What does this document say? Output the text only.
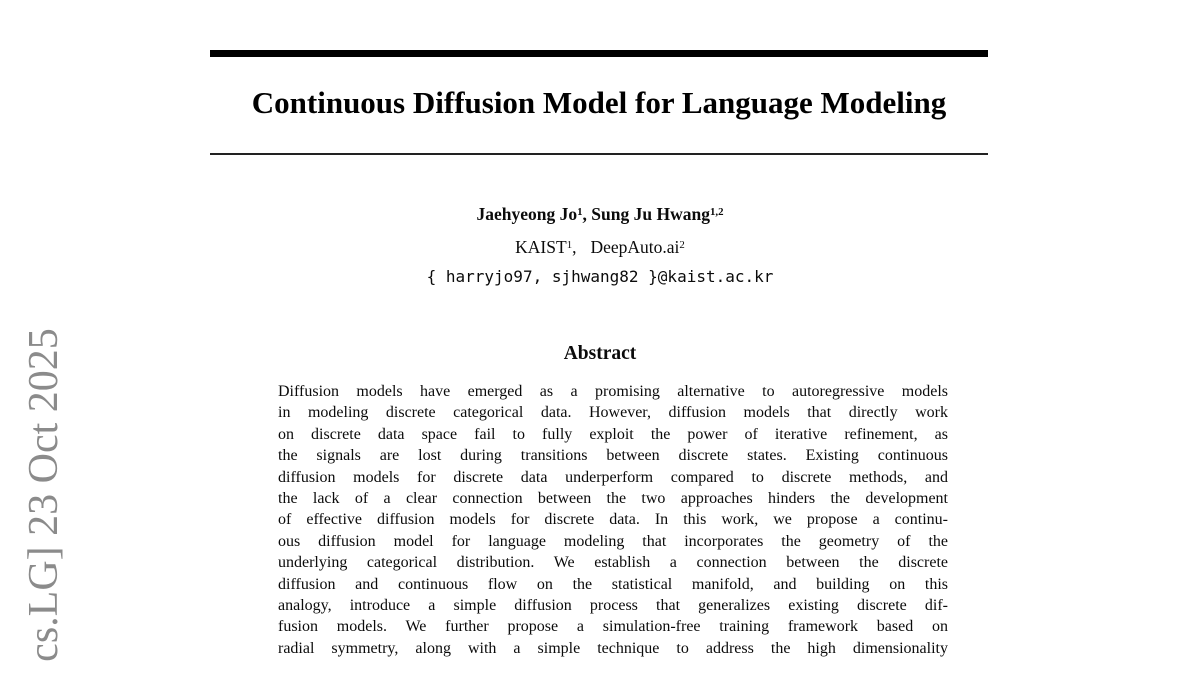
cs.LG] 23 Oct 2025
Continuous Diffusion Model for Language Modeling
Jaehyeong Jo$^1$, Sung Ju Hwang$^{1,2}$
KAIST$^1$, DeepAuto.ai$^2$
{ harryjo97, sjhwang82 }@kaist.ac.kr
Abstract
Diffusion models have emerged as a promising alternative to autoregressive models
in modeling discrete categorical data. However, diffusion models that directly work
on discrete data space fail to fully exploit the power of iterative refinement, as
the signals are lost during transitions between discrete states. Existing continuous
diffusion models for discrete data underperform compared to discrete methods, and
the lack of a clear connection between the two approaches hinders the development
of effective diffusion models for discrete data. In this work, we propose a continu-
ous diffusion model for language modeling that incorporates the geometry of the
underlying categorical distribution. We establish a connection between the discrete
diffusion and continuous flow on the statistical manifold, and building on this
analogy, introduce a simple diffusion process that generalizes existing discrete dif-
fusion models. We further propose a simulation-free training framework based on
radial symmetry, along with a simple technique to address the high dimensionality
